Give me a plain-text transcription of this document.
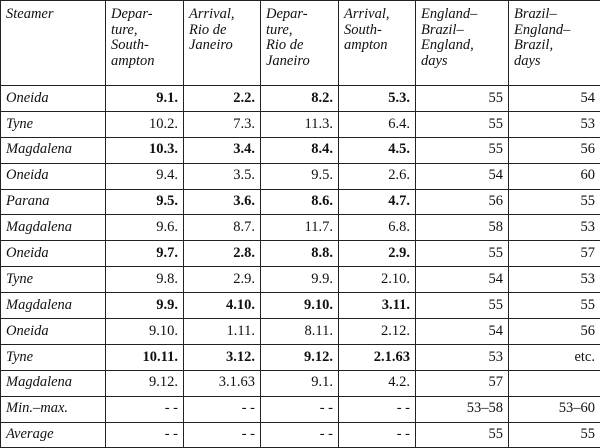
Steamer	Depar-
ture,
South-
ampton	Arrival,
Rio de
Janeiro	Depar-
ture,
Rio de
Janeiro	Arrival,
South-
ampton	England–
Brazil–
England,
days	Brazil–
England–
Brazil,
days
Oneida	9.1.	2.2.	8.2.	5.3.	55	54
Tyne	10.2.	7.3.	11.3.	6.4.	55	53
Magdalena	10.3.	3.4.	8.4.	4.5.	55	56
Oneida	9.4.	3.5.	9.5.	2.6.	54	60
Parana	9.5.	3.6.	8.6.	4.7.	56	55
Magdalena	9.6.	8.7.	11.7.	6.8.	58	53
Oneida	9.7.	2.8.	8.8.	2.9.	55	57
Tyne	9.8.	2.9.	9.9.	2.10.	54	53
Magdalena	9.9.	4.10.	9.10.	3.11.	55	55
Oneida	9.10.	1.11.	8.11.	2.12.	54	56
Tyne	10.11.	3.12.	9.12.	2.1.63	53	etc.
Magdalena	9.12.	3.1.63	9.1.	4.2.	57	
Min.–max.	- -	- -	- -	- -	53–58	53–60
Average	- -	- -	- -	- -	55	55
